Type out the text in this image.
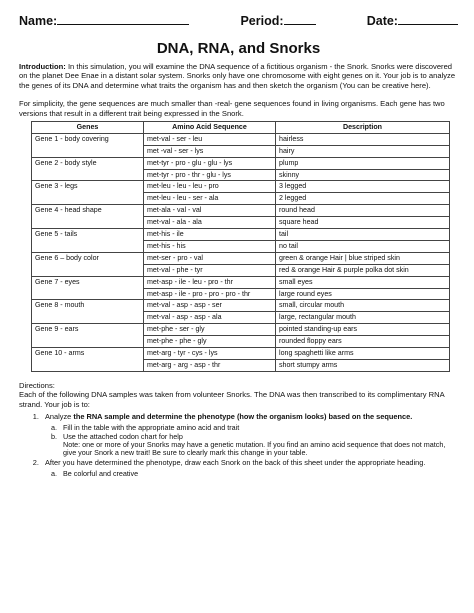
Name:	Period:	Date:
DNA, RNA, and Snorks

Introduction: In this simulation, you will examine the DNA sequence of a fictitious organism - the Snork. Snorks were discovered on the planet Dee Enae in a distant solar system. Snorks only have one chromosome with eight genes on it. Your job is to analyze the genes of its DNA and determine what traits the organism has and then sketch the organism (You can be creative here).

For simplicity, the gene sequences are much smaller than -real- gene sequences found in living organisms. Each gene has two versions that result in a different trait being expressed in the Snork.

Genes	Amino Acid Sequence	Description
Gene 1 - body covering	met-val - ser - leu	hairless
	met -val - ser - lys	hairy
Gene 2 - body style	met-tyr - pro - glu - glu - lys	plump
	met-tyr - pro - thr - glu - lys	skinny
Gene 3 - legs	met-leu - leu - leu - pro	3 legged
	met-leu - leu - ser - ala	2 legged
Gene 4 - head shape	met-ala - val - val	round head
	met-val - ala - ala	square head
Gene 5 - tails	met-his - ile	tail
	met-his - his	no tail
Gene 6 – body color	met-ser - pro - val	green & orange Hair | blue striped skin
	met-val - phe - tyr	red & orange Hair & purple polka dot skin
Gene 7 - eyes	met-asp - ile - leu - pro - thr	small eyes
	met-asp - ile - pro - pro - pro - thr	large round eyes
Gene 8 - mouth	met-val - asp - asp - ser	small, circular mouth
	met-val - asp - asp - ala	large, rectangular mouth
Gene 9 - ears	met-phe - ser - gly	pointed standing-up ears
	met-phe - phe - gly	rounded floppy ears
Gene 10 - arms	met-arg - tyr - cys - lys	long spaghetti like arms
	met-arg - arg - asp - thr	short stumpy arms

Directions:

Each of the following DNA samples was taken from volunteer Snorks. The DNA was then transcribed to its complimentary RNA strand. Your job is to:

1. Analyze the RNA sample and determine the phenotype (how the organism looks) based on the sequence.
a. Fill in the table with the appropriate amino acid and trait
b. Use the attached codon chart for help
Note: one or more of your Snorks may have a genetic mutation. If you find an amino acid sequence that does not match, give your Snork a new trait! Be sure to clearly mark this change in your table.
2. After you have determined the phenotype, draw each Snork on the back of this sheet under the appropriate heading.
a. Be colorful and creative
